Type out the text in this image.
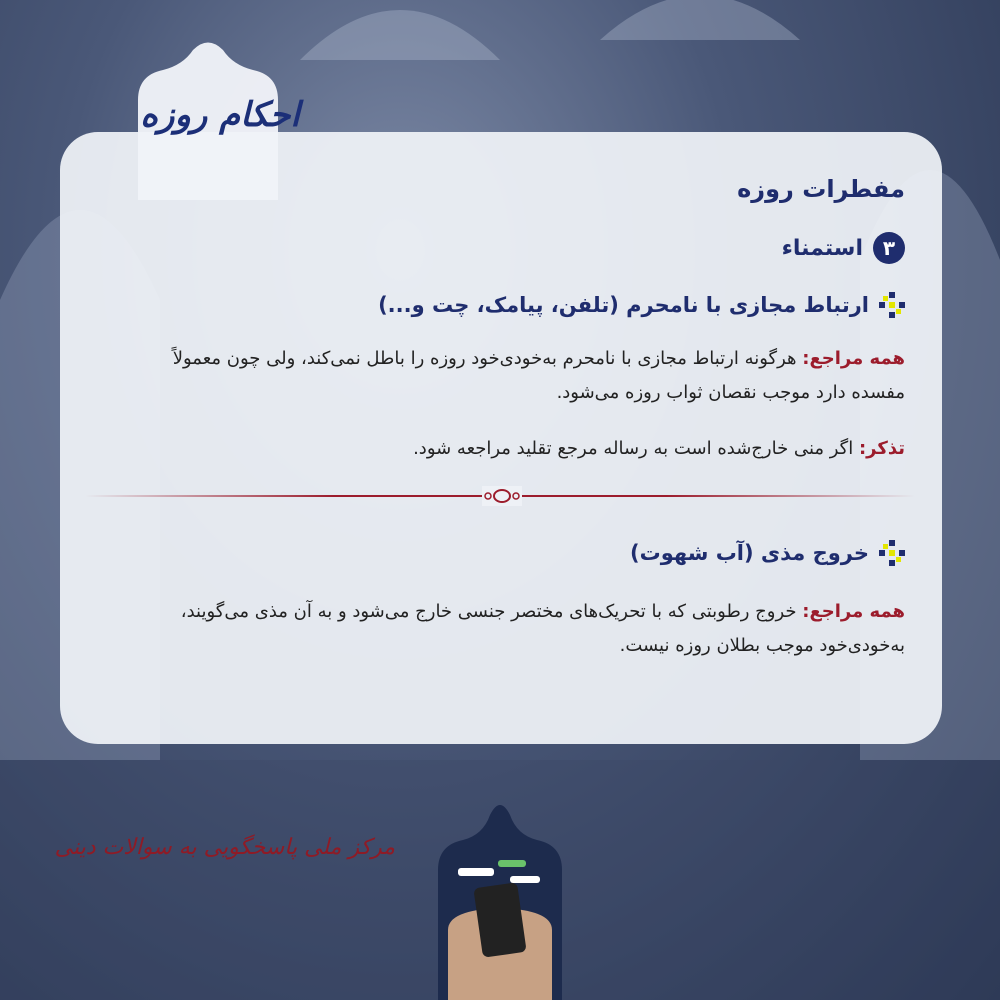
احکام روزه
مفطرات روزه
۳
استمناء
ارتباط مجازی با نامحرم (تلفن، پیامک، چت و...)
همه مراجع: هرگونه ارتباط مجازی با نامحرم به‌خودی‌خود روزه را باطل نمی‌کند، ولی چون معمولاً مفسده دارد موجب نقصان ثواب روزه می‌شود.
تذکر: اگر منی خارج‌شده است به رساله مرجع تقلید مراجعه شود.
خروج مذی (آب شهوت)
همه مراجع: خروج رطوبتی که با تحریک‌های مختصر جنسی خارج می‌شود و به آن مذی می‌گویند، به‌خودی‌خود موجب بطلان روزه نیست.
مرکز ملی پاسخگویی به سوالات دینی
